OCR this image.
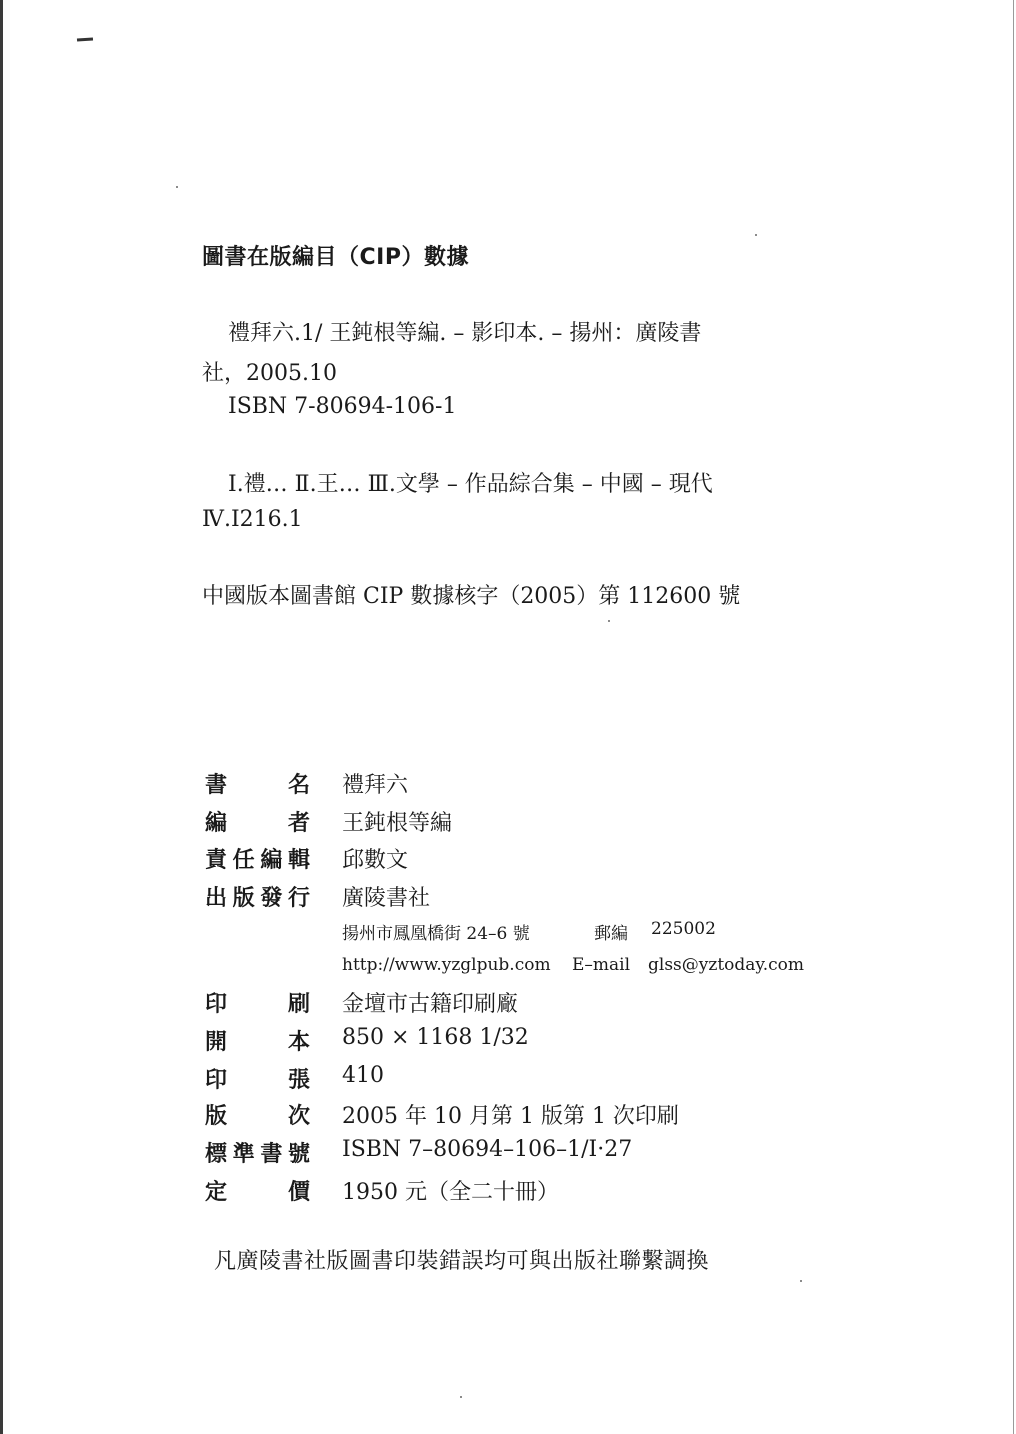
圖書在版編目（CIP）數據
禮拜六.1/ 王鈍根等編. – 影印本. – 揚州：廣陵書
社，2005.10
ISBN 7-80694-106-1
Ⅰ.禮… Ⅱ.王… Ⅲ.文學 – 作品綜合集 – 中國 – 現代
Ⅳ.I216.1
中國版本圖書館 CIP 數據核字（2005）第 112600 號
書名 禮拜六
編者 王鈍根等編
責任編輯 邱數文
出版發行 廣陵書社
揚州市鳳凰橋街 24–6 號	郵編 225002
http://www.yzglpub.com E–mail glss@yztoday.com
印刷 金壇市古籍印刷廠
開本 850 × 1168 1/32
印張 410
版次 2005 年 10 月第 1 版第 1 次印刷
標準書號 ISBN 7–80694–106–1/I·27
定價 1950 元（全二十冊）
凡廣陵書社版圖書印裝錯誤均可與出版社聯繫調換
